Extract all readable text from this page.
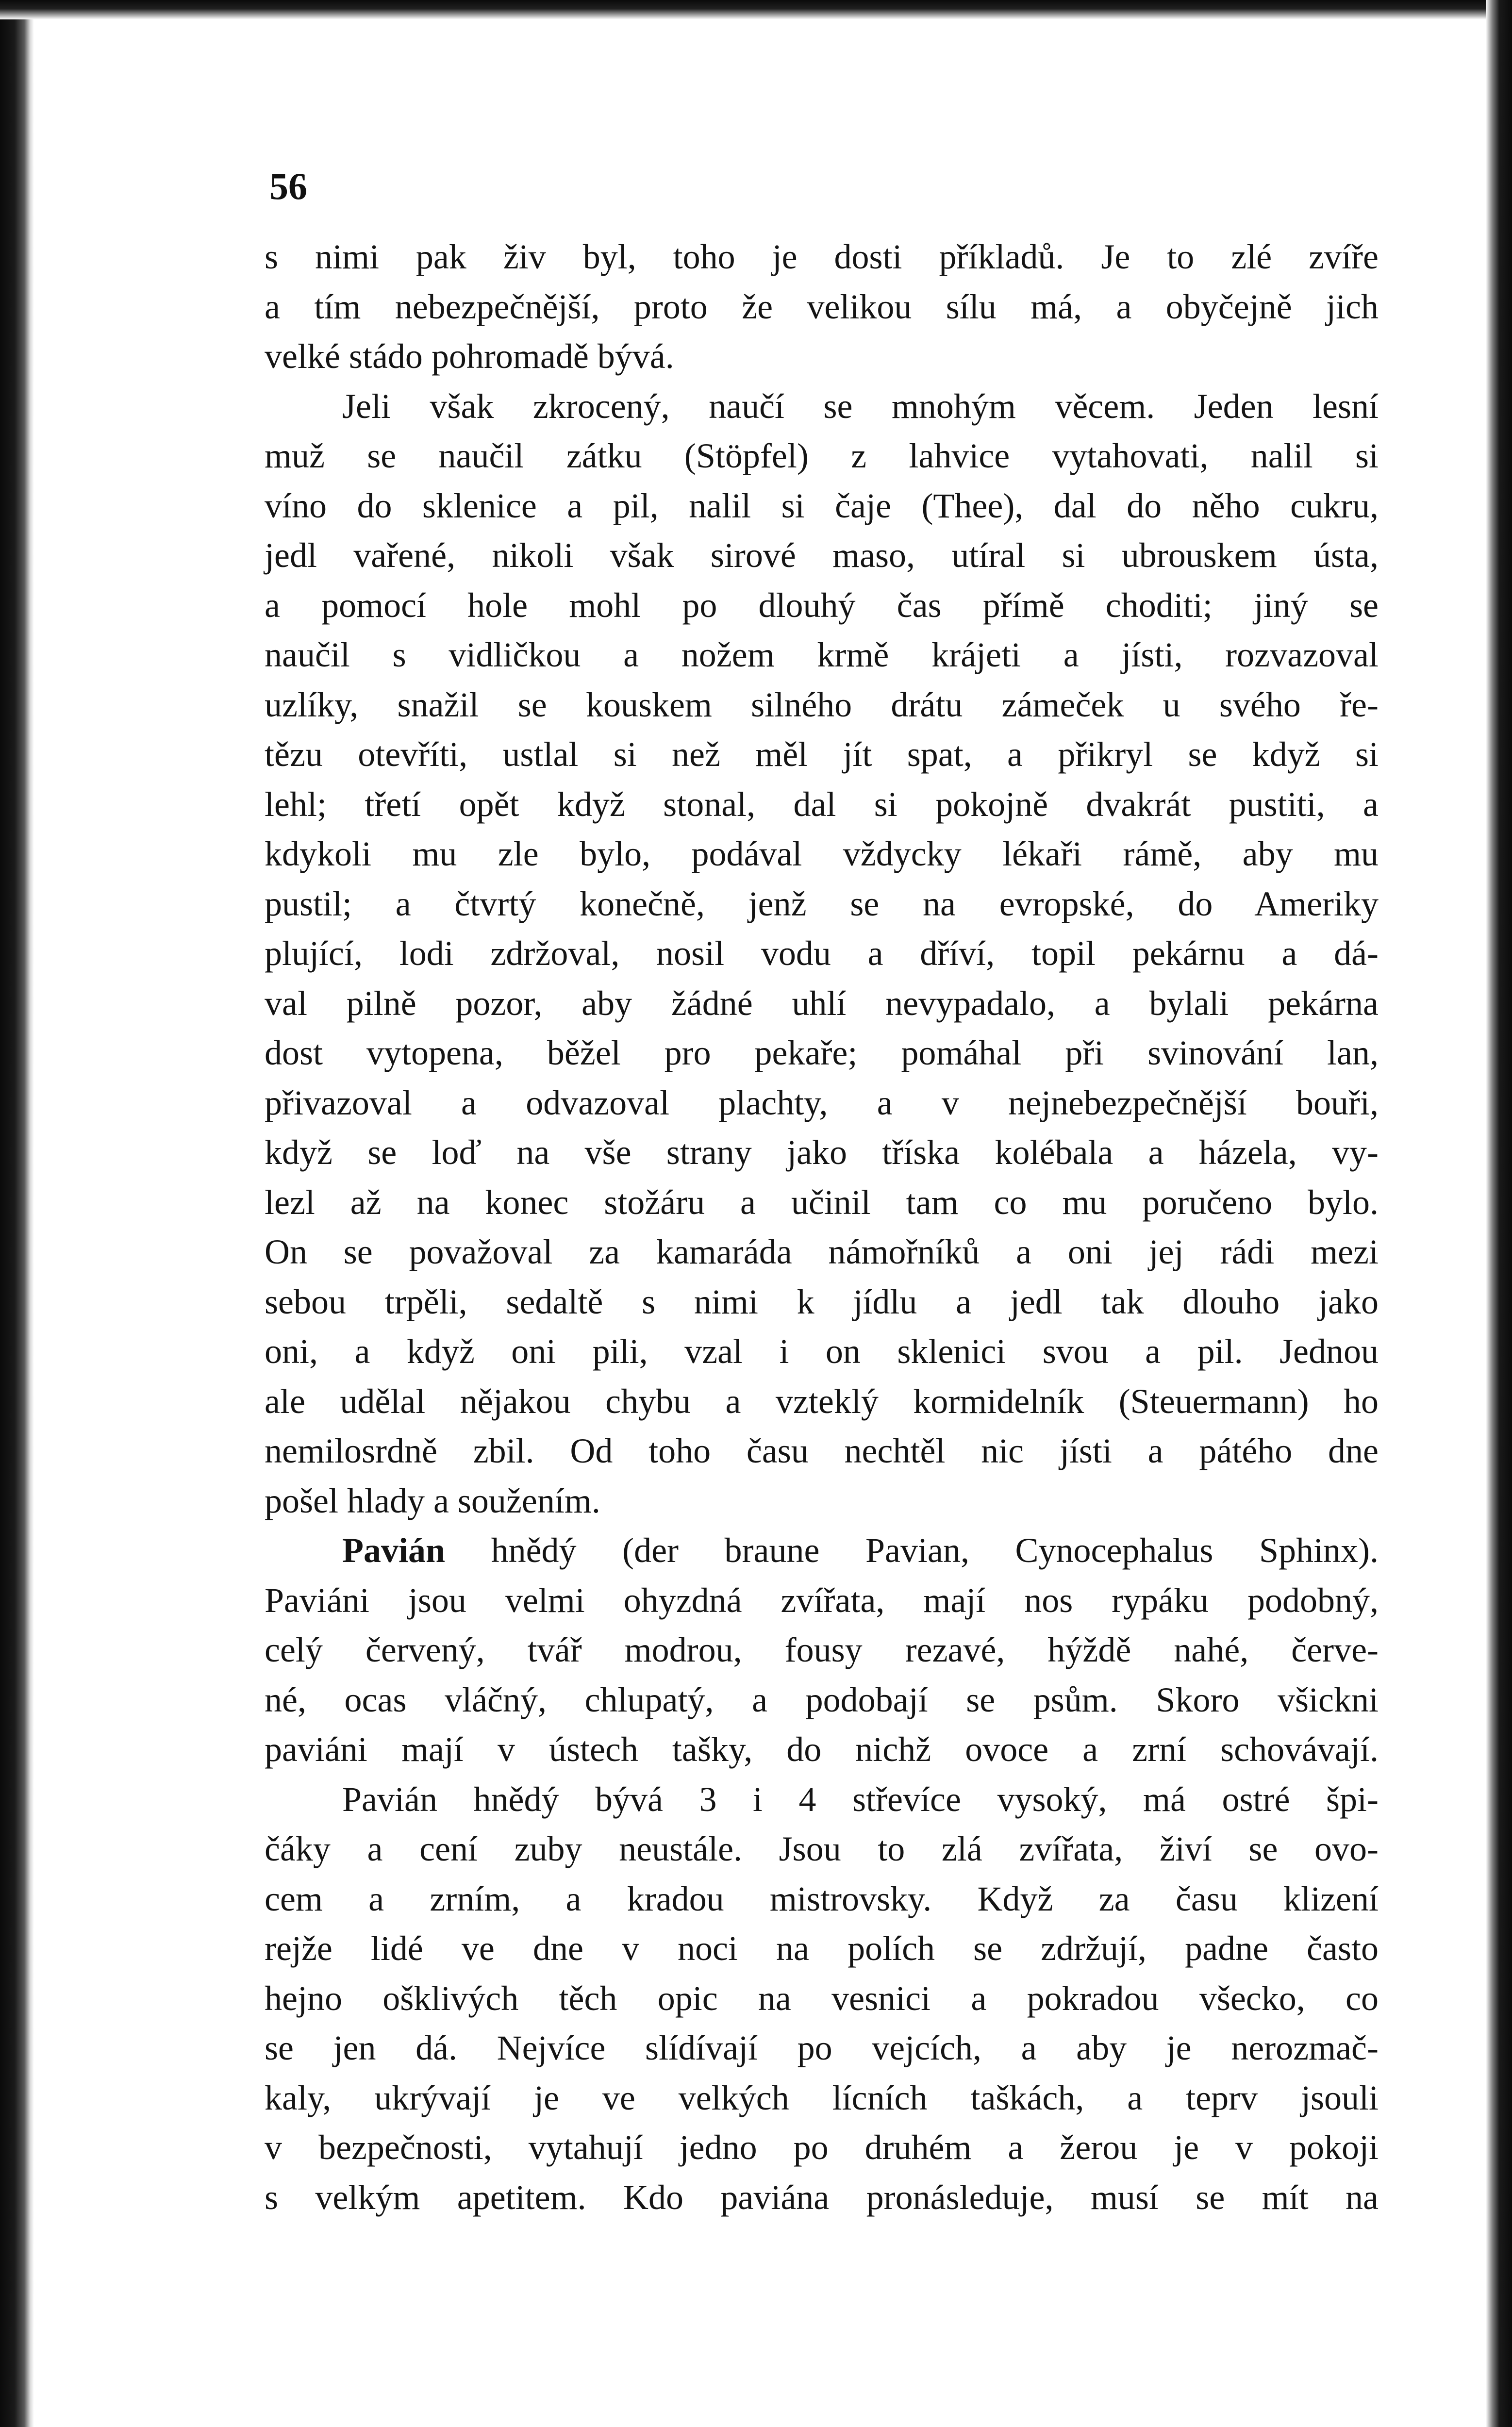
56
s nimi pak živ byl, toho je dosti příkladů. Je to zlé zvíře
a tím nebezpečnější, proto že velikou sílu má, a obyčejně jich
velké stádo pohromadě bývá.
Jeli však zkrocený, naučí se mnohým věcem. Jeden lesní
muž se naučil zátku (Stöpfel) z lahvice vytahovati, nalil si
víno do sklenice a pil, nalil si čaje (Thee), dal do něho cukru,
jedl vařené, nikoli však sirové maso, utíral si ubrouskem ústa,
a pomocí hole mohl po dlouhý čas přímě choditi; jiný se
naučil s vidličkou a nožem krmě krájeti a jísti, rozvazoval
uzlíky, snažil se kouskem silného drátu zámeček u svého ře-
tězu otevříti, ustlal si než měl jít spat, a přikryl se když si
lehl; třetí opět když stonal, dal si pokojně dvakrát pustiti, a
kdykoli mu zle bylo, podával vždycky lékaři rámě, aby mu
pustil; a čtvrtý konečně, jenž se na evropské, do Ameriky
plující, lodi zdržoval, nosil vodu a dříví, topil pekárnu a dá-
val pilně pozor, aby žádné uhlí nevypadalo, a bylali pekárna
dost vytopena, běžel pro pekaře; pomáhal při svinování lan,
přivazoval a odvazoval plachty, a v nejnebezpečnější bouři,
když se loď na vše strany jako tříska kolébala a házela, vy-
lezl až na konec stožáru a učinil tam co mu poručeno bylo.
On se považoval za kamaráda námořníků a oni jej rádi mezi
sebou trpěli, sedaltě s nimi k jídlu a jedl tak dlouho jako
oni, a když oni pili, vzal i on sklenici svou a pil. Jednou
ale udělal nějakou chybu a vzteklý kormidelník (Steuermann) ho
nemilosrdně zbil. Od toho času nechtěl nic jísti a pátého dne
pošel hlady a soužením.
Pavián hnědý (der braune Pavian, Cynocephalus Sphinx).
Paviáni jsou velmi ohyzdná zvířata, mají nos rypáku podobný,
celý červený, tvář modrou, fousy rezavé, hýždě nahé, červe-
né, ocas vláčný, chlupatý, a podobají se psům. Skoro všickni
paviáni mají v ústech tašky, do nichž ovoce a zrní schovávají.
Pavián hnědý bývá 3 i 4 střevíce vysoký, má ostré špi-
čáky a cení zuby neustále. Jsou to zlá zvířata, živí se ovo-
cem a zrním, a kradou mistrovsky. Když za času klizení
rejže lidé ve dne v noci na polích se zdržují, padne často
hejno ošklivých těch opic na vesnici a pokradou všecko, co
se jen dá. Nejvíce slídívají po vejcích, a aby je nerozmač-
kaly, ukrývají je ve velkých lícních taškách, a teprv jsouli
v bezpečnosti, vytahují jedno po druhém a žerou je v pokoji
s velkým apetitem. Kdo paviána pronásleduje, musí se mít na
